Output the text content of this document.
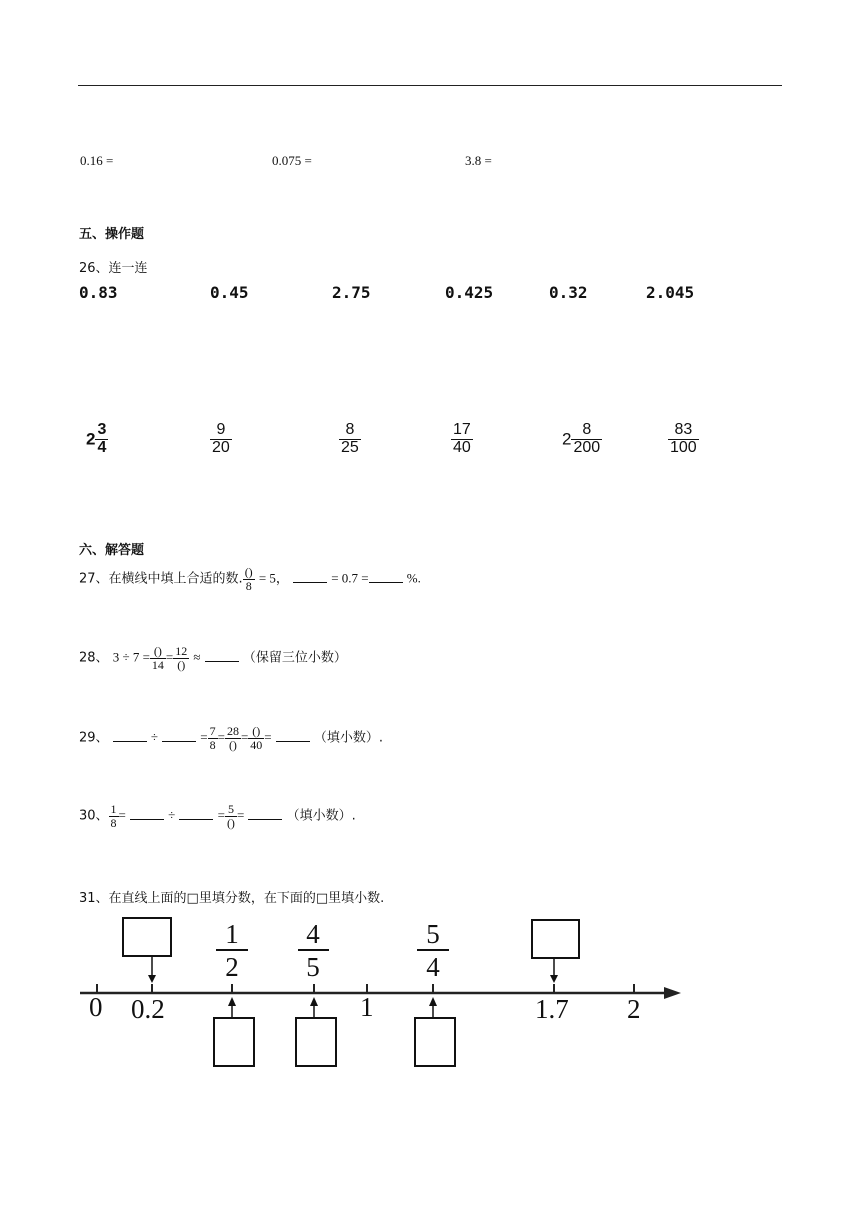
0.16 =	0.075 =	3.8 =
五、操作题
26、连一连
0.83	0.45	2.75	0.425	0.32	2.045
$2 \frac{3}{4}$	$\frac{9}{20}$	$\frac{8}{25}$	$\frac{17}{40}$	$2 \frac{8}{200}$	$\frac{83}{100}$
六、解答题
27、在横线中填上合适的数. ()
8 = 5，	= 0.7 =	%.
28、 3 ÷ 7 = ()
14 = 12
() ≈	（保留三位小数）
29、	÷	= $\frac{7}{8} = 28$
() = ()
40 =	（填小数）.
30、 $\frac{1}{8}$ =	÷	= 5
() =	（填小数）.
31、在直线上面的□里填分数，在下面的□里填小数.
0 0.2	1	1.7 2
1
2
4
5
5
4
